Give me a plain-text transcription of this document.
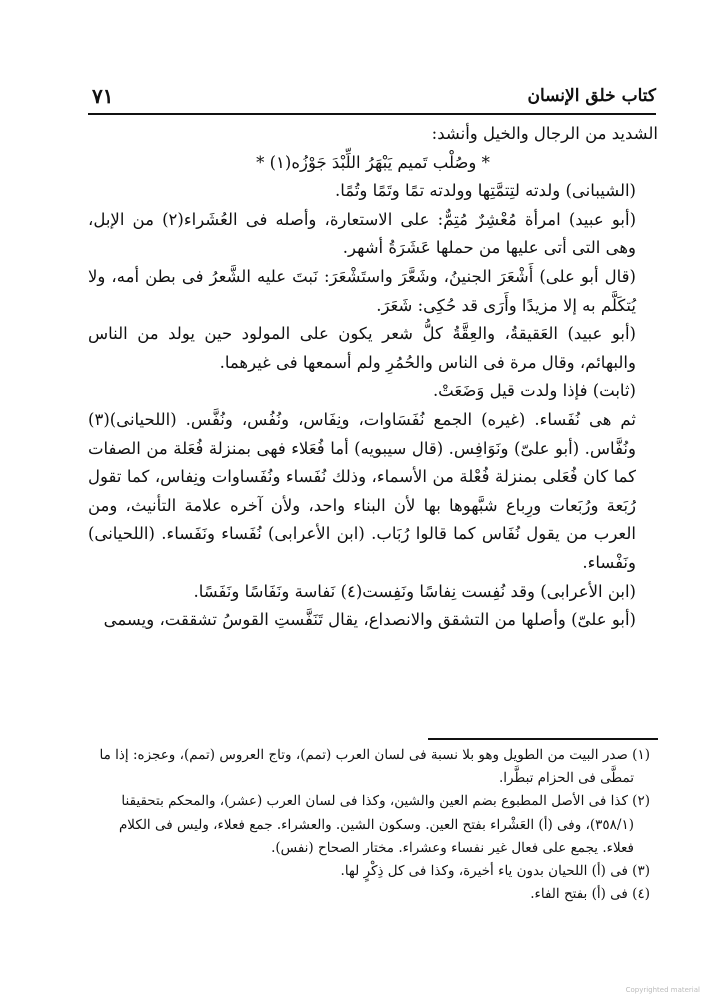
كتاب خلق الإنسان
٧١

الشديد من الرجال والخيل وأنشد:

* وصُلْب تَميم يَبْهَرُ اللِّبْدَ جَوْزُه(١) *

(الشيبانى) ولدته لتِتمَّتِها وولدته تمًا وتَمًا وتُمًا.

(أبو عبيد) امرأة مُعْشِرٌ مُتِمٌّ: على الاستعارة، وأصله فى العُشَراء(٢) من الإبل، وهى التى أتى عليها من حملها عَشَرَةُ أشهر.

(قال أبو على) أَشْعَرَ الجنينُ، وشَعَّرَ واستَشْعَرَ: نَبتَ عليه الشَّعرُ فى بطن أمه، ولا يُتكَلَّم به إلا مزيدًا وأَرَى قد حُكِى: شَعَرَ.

(أبو عبيد) العَقيقةُ، والعِقَّةُ كلُّ شعر يكون على المولود حين يولد من الناس والبهائم، وقال مرة فى الناس والحُمُرِ ولم أسمعها فى غيرهما.

(ثابت) فإذا ولدت قيل وَضَعَتْ.

ثم هى نُفَساء. (غيره) الجمع نُفَسَاوات، ونِفَاس، ونُفُس، ونُفَّس. (اللحيانى)(٣) ونُفَّاس. (أبو علىّ) ونَوَافِس. (قال سيبويه) أما فُعَلاء فهى بمنزلة فُعَلة من الصفات كما كان فُعَلى بمنزلة فُعْلة من الأسماء، وذلك نُفَساء ونُفَساوات ونِفاس، كما تقول رُبَعة ورُبَعات ورِباع شبَّهوها بها لأن البناء واحد، ولأن آخره علامة التأنيث، ومن العرب من يقول نُفَاس كما قالوا رُبَاب. (ابن الأعرابى) نُفَساء ونَفَساء. (اللحيانى) ونَفْساء.

(ابن الأعرابى) وقد نُفِست نِفاسًا ونَفِست(٤) نَفاسة ونَفَاسًا ونَفَسًا.

(أبو علىّ) وأصلها من التشقق والانصداع، يقال تَنَفَّستِ القوسُ تشققت، ويسمى

(١) صدر البيت من الطويل وهو بلا نسبة فى لسان العرب (تمم)، وتاج العروس (تمم)، وعجزه: إذا ما

تمطَّى فى الحزام تبطَّرا.

(٢) كذا فى الأصل المطبوع بضم العين والشين، وكذا فى لسان العرب (عشر)، والمحكم بتحقيقنا

(٣٥٨/١)، وفى (أ) العَشْراء بفتح العين. وسكون الشين. والعشراء. جمع فعلاء، وليس فى الكلام

فعلاء. يجمع على فعال غير نفساء وعشراء. مختار الصحاح (نفس).

(٣) فى (أ) اللحيان بدون ياء أخيرة، وكذا فى كل ذِكْرٍ لها.

(٤) فى (أ) بفتح الفاء.

Copyrighted material
